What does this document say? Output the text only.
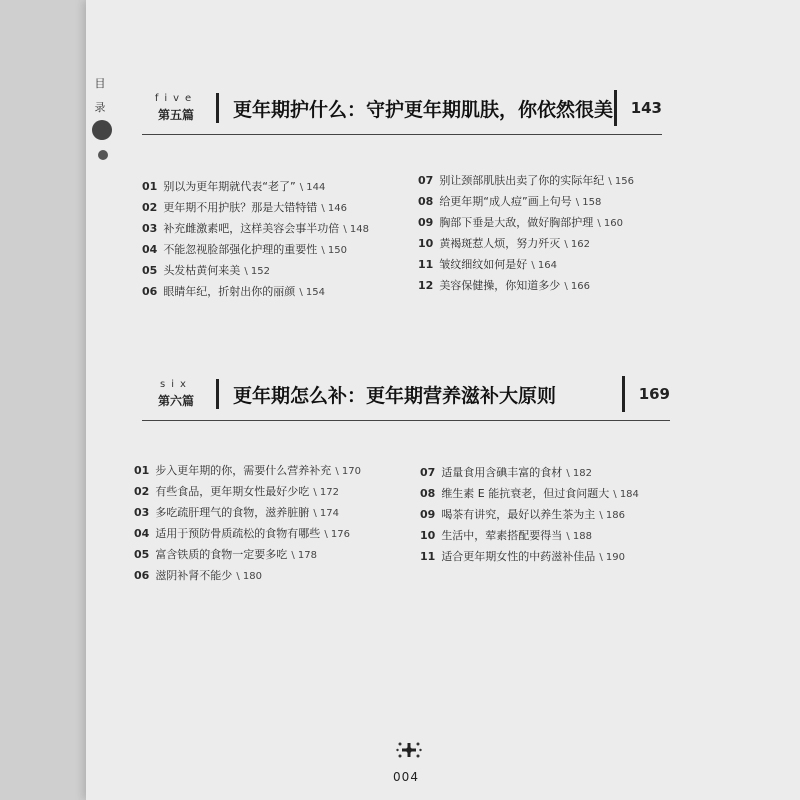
目
录
five
第五篇	更年期护什么：守护更年期肌肤，你依然很美	143
01 别以为更年期就代表“老了” \ 144
02 更年期不用护肤？那是大错特错 \ 146
03 补充雌激素吧，这样美容会事半功倍 \ 148
04 不能忽视脸部强化护理的重要性 \ 150
05 头发枯黄何来美 \ 152
06 眼睛年纪，折射出你的丽颜 \ 154
07 别让颈部肌肤出卖了你的实际年纪 \ 156
08 给更年期“成人痘”画上句号 \ 158
09 胸部下垂是大敌，做好胸部护理 \ 160
10 黄褐斑惹人烦，努力歼灭 \ 162
11 皱纹细纹如何是好 \ 164
12 美容保健操，你知道多少 \ 166
six
第六篇	更年期怎么补：更年期营养滋补大原则	169
01 步入更年期的你，需要什么营养补充 \ 170
02 有些食品，更年期女性最好少吃 \ 172
03 多吃疏肝理气的食物，滋养脏腑 \ 174
04 适用于预防骨质疏松的食物有哪些 \ 176
05 富含铁质的食物一定要多吃 \ 178
06 滋阴补肾不能少 \ 180
07 适量食用含碘丰富的食材 \ 182
08 维生素 E 能抗衰老，但过食问题大 \ 184
09 喝茶有讲究，最好以养生茶为主 \ 186
10 生活中，荤素搭配要得当 \ 188
11 适合更年期女性的中药滋补佳品 \ 190
004
